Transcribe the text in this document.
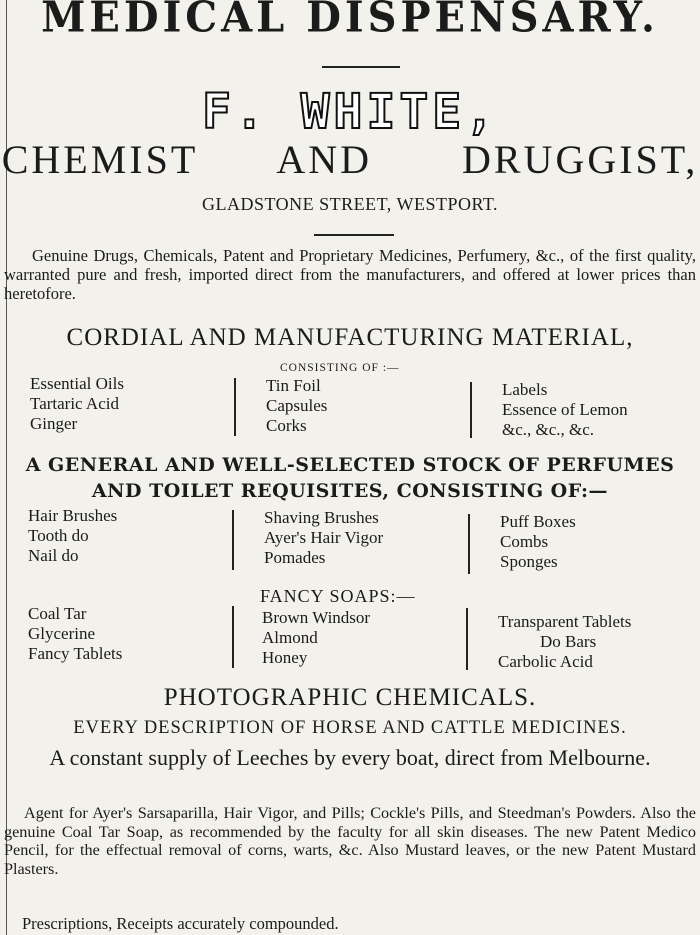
MEDICAL DISPENSARY.
F. WHITE,
CHEMIST AND DRUGGIST,
GLADSTONE STREET, WESTPORT.
Genuine Drugs, Chemicals, Patent and Proprietary Medicines, Perfumery, &c., of the first quality, warranted pure and fresh, imported direct from the manufacturers, and offered at lower prices than heretofore.
CORDIAL AND MANUFACTURING MATERIAL,
CONSISTING OF :—
Essential Oils
Tartaric Acid
Ginger
Tin Foil
Capsules
Corks
Labels
Essence of Lemon
&c., &c., &c.
A GENERAL AND WELL-SELECTED STOCK OF PERFUMES
AND TOILET REQUISITES, CONSISTING OF:—
Hair Brushes
Tooth do
Nail do
Shaving Brushes
Ayer's Hair Vigor
Pomades
Puff Boxes
Combs
Sponges
FANCY SOAPS:—
Coal Tar
Glycerine
Fancy Tablets
Brown Windsor
Almond
Honey
Transparent Tablets
Do Bars
Carbolic Acid
PHOTOGRAPHIC CHEMICALS.
EVERY DESCRIPTION OF HORSE AND CATTLE MEDICINES.
A constant supply of Leeches by every boat, direct from Melbourne.
Agent for Ayer's Sarsaparilla, Hair Vigor, and Pills; Cockle's Pills, and Steedman's Powders. Also the genuine Coal Tar Soap, as recommended by the faculty for all skin diseases. The new Patent Medico Pencil, for the effectual removal of corns, warts, &c. Also Mustard leaves, or the new Patent Mustard Plasters.
Prescriptions, Receipts accurately compounded.
